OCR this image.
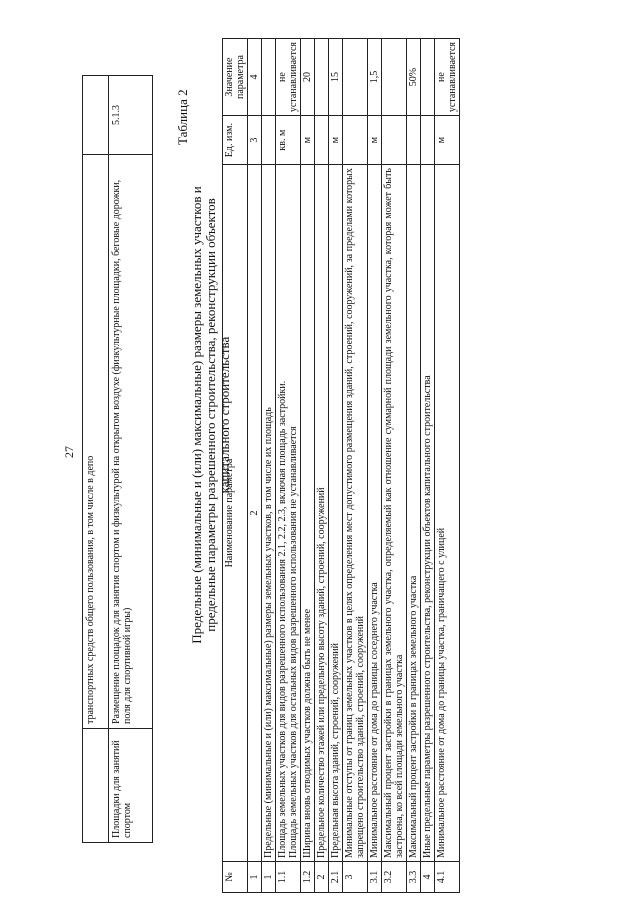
27
	транспортных средств общего пользования, в том числе в депо	
Площадки для занятий спортом	Размещение площадок для занятия спортом и физкультурой на открытом воздухе (физкультурные площадки, беговые дорожки, поля для спортивной игры)	5.1.3	Таблица 2
Предельные (минимальные и (или) максимальные) размеры земельных участков и предельные параметры разрешенного строительства, реконструкции объектов капитального строительства
№	Наименование параметра	Ед. изм.	Значение параметра
1	2	3	4
1	Предельные (минимальные и (или) максимальные) размеры земельных участков, в том числе их площадь		
1.1	Площадь земельных участков для видов разрешенного использования 2.1, 2.2, 2.3, включая площадь застройки.
Площадь земельных участков для остальных видов разрешенного использования не устанавливается	кв. м	не устанавливается
1.2	Ширина вновь отводимых участков должна быть не менее	м	20
2	Предельное количество этажей или предельную высоту зданий, строений, сооружений		
2.1	Предельная высота зданий, строений, сооружений	м	15
3	Минимальные отступы от границ земельных участков в целях определения мест допустимого размещения зданий, строений, сооружений, за пределами которых запрещено строительство зданий, строений, сооружений		
3.1	Минимальное расстояние от дома до границы соседнего участка	м	1,5
3.2	Максимальный процент застройки в границах земельного участка, определяемый как отношение суммарной площади земельного участка, которая может быть застроена, ко всей площади земельного участка		
3.3	Максимальный процент застройки в границах земельного участка		50%
4	Иные предельные параметры разрешенного строительства, реконструкции объектов капитального строительства		
4.1	Минимальное расстояние от дома до границы участка, граничащего с улицей	м	не устанавливается
